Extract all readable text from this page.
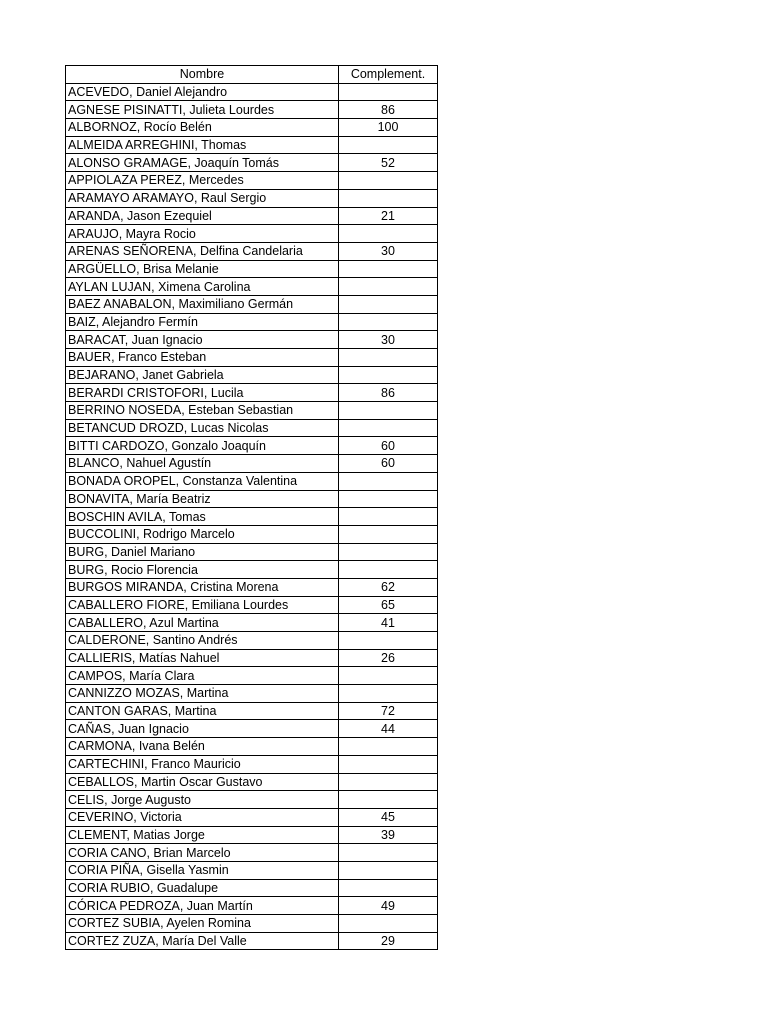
Nombre	Complement.
ACEVEDO, Daniel Alejandro	
AGNESE PISINATTI, Julieta Lourdes	86
ALBORNOZ, Rocío Belén	100
ALMEIDA ARREGHINI, Thomas	
ALONSO GRAMAGE, Joaquín Tomás	52
APPIOLAZA PEREZ, Mercedes	
ARAMAYO ARAMAYO, Raul Sergio	
ARANDA, Jason Ezequiel	21
ARAUJO, Mayra Rocio	
ARENAS SEÑORENA, Delfina Candelaria	30
ARGÜELLO, Brisa Melanie	
AYLAN LUJAN, Ximena Carolina	
BAEZ ANABALON, Maximiliano Germán	
BAIZ, Alejandro Fermín	
BARACAT, Juan Ignacio	30
BAUER, Franco Esteban	
BEJARANO, Janet Gabriela	
BERARDI CRISTOFORI, Lucila	86
BERRINO NOSEDA, Esteban Sebastian	
BETANCUD DROZD, Lucas Nicolas	
BITTI CARDOZO, Gonzalo Joaquín	60
BLANCO, Nahuel Agustín	60
BONADA OROPEL, Constanza Valentina	
BONAVITA, María Beatriz	
BOSCHIN AVILA, Tomas	
BUCCOLINI, Rodrigo Marcelo	
BURG, Daniel Mariano	
BURG, Rocio Florencia	
BURGOS MIRANDA, Cristina Morena	62
CABALLERO FIORE, Emiliana Lourdes	65
CABALLERO, Azul Martina	41
CALDERONE, Santino Andrés	
CALLIERIS, Matías Nahuel	26
CAMPOS, María Clara	
CANNIZZO MOZAS, Martina	
CANTON GARAS, Martina	72
CAÑAS, Juan Ignacio	44
CARMONA, Ivana Belén	
CARTECHINI, Franco Mauricio	
CEBALLOS, Martin Oscar Gustavo	
CELIS, Jorge Augusto	
CEVERINO, Victoria	45
CLEMENT, Matias Jorge	39
CORIA CANO, Brian Marcelo	
CORIA PIÑA, Gisella Yasmin	
CORIA RUBIO, Guadalupe	
CÓRICA PEDROZA, Juan Martín	49
CORTEZ SUBIA, Ayelen Romina	
CORTEZ ZUZA, María Del Valle	29
